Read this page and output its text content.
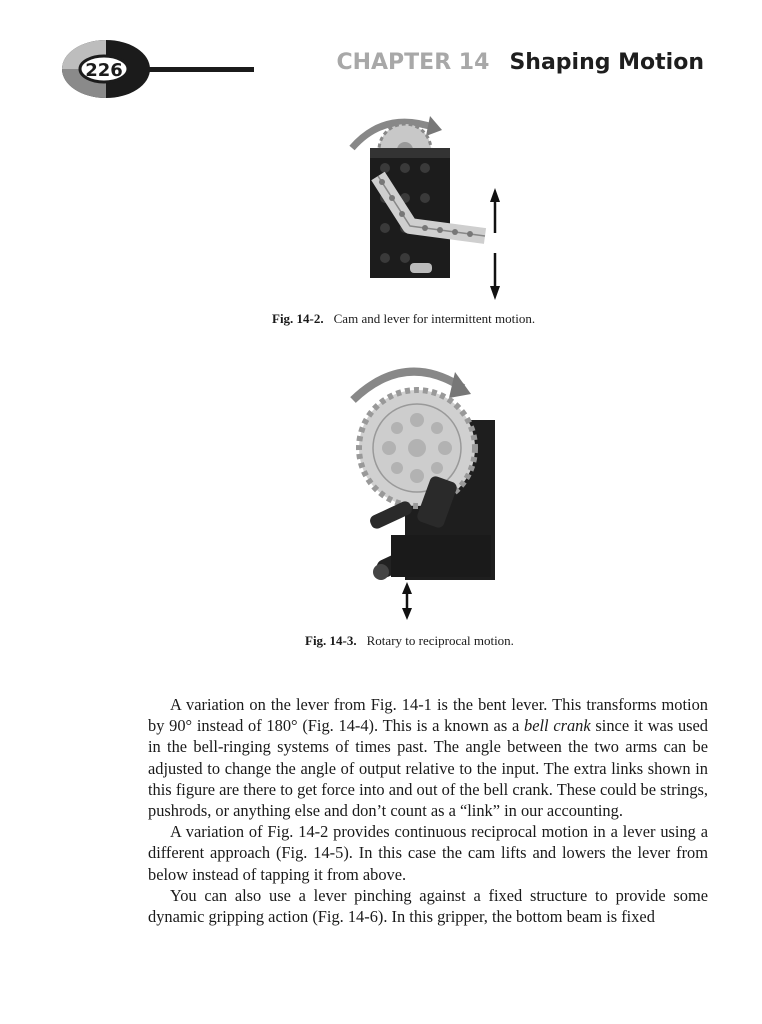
226	CHAPTER 14 Shaping Motion
Fig. 14-2. Cam and lever for intermittent motion.
Fig. 14-3. Rotary to reciprocal motion.

A variation on the lever from Fig. 14-1 is the bent lever. This transforms motion by 90° instead of 180° (Fig. 14-4). This is a known as a bell crank since it was used in the bell-ringing systems of times past. The angle between the two arms can be adjusted to change the angle of output relative to the input. The extra links shown in this figure are there to get force into and out of the bell crank. These could be strings, pushrods, or anything else and don’t count as a “link” in our accounting.

A variation of Fig. 14-2 provides continuous reciprocal motion in a lever using a different approach (Fig. 14-5). In this case the cam lifts and lowers the lever from below instead of tapping it from above.

You can also use a lever pinching against a fixed structure to provide some dynamic gripping action (Fig. 14-6). In this gripper, the bottom beam is fixed
